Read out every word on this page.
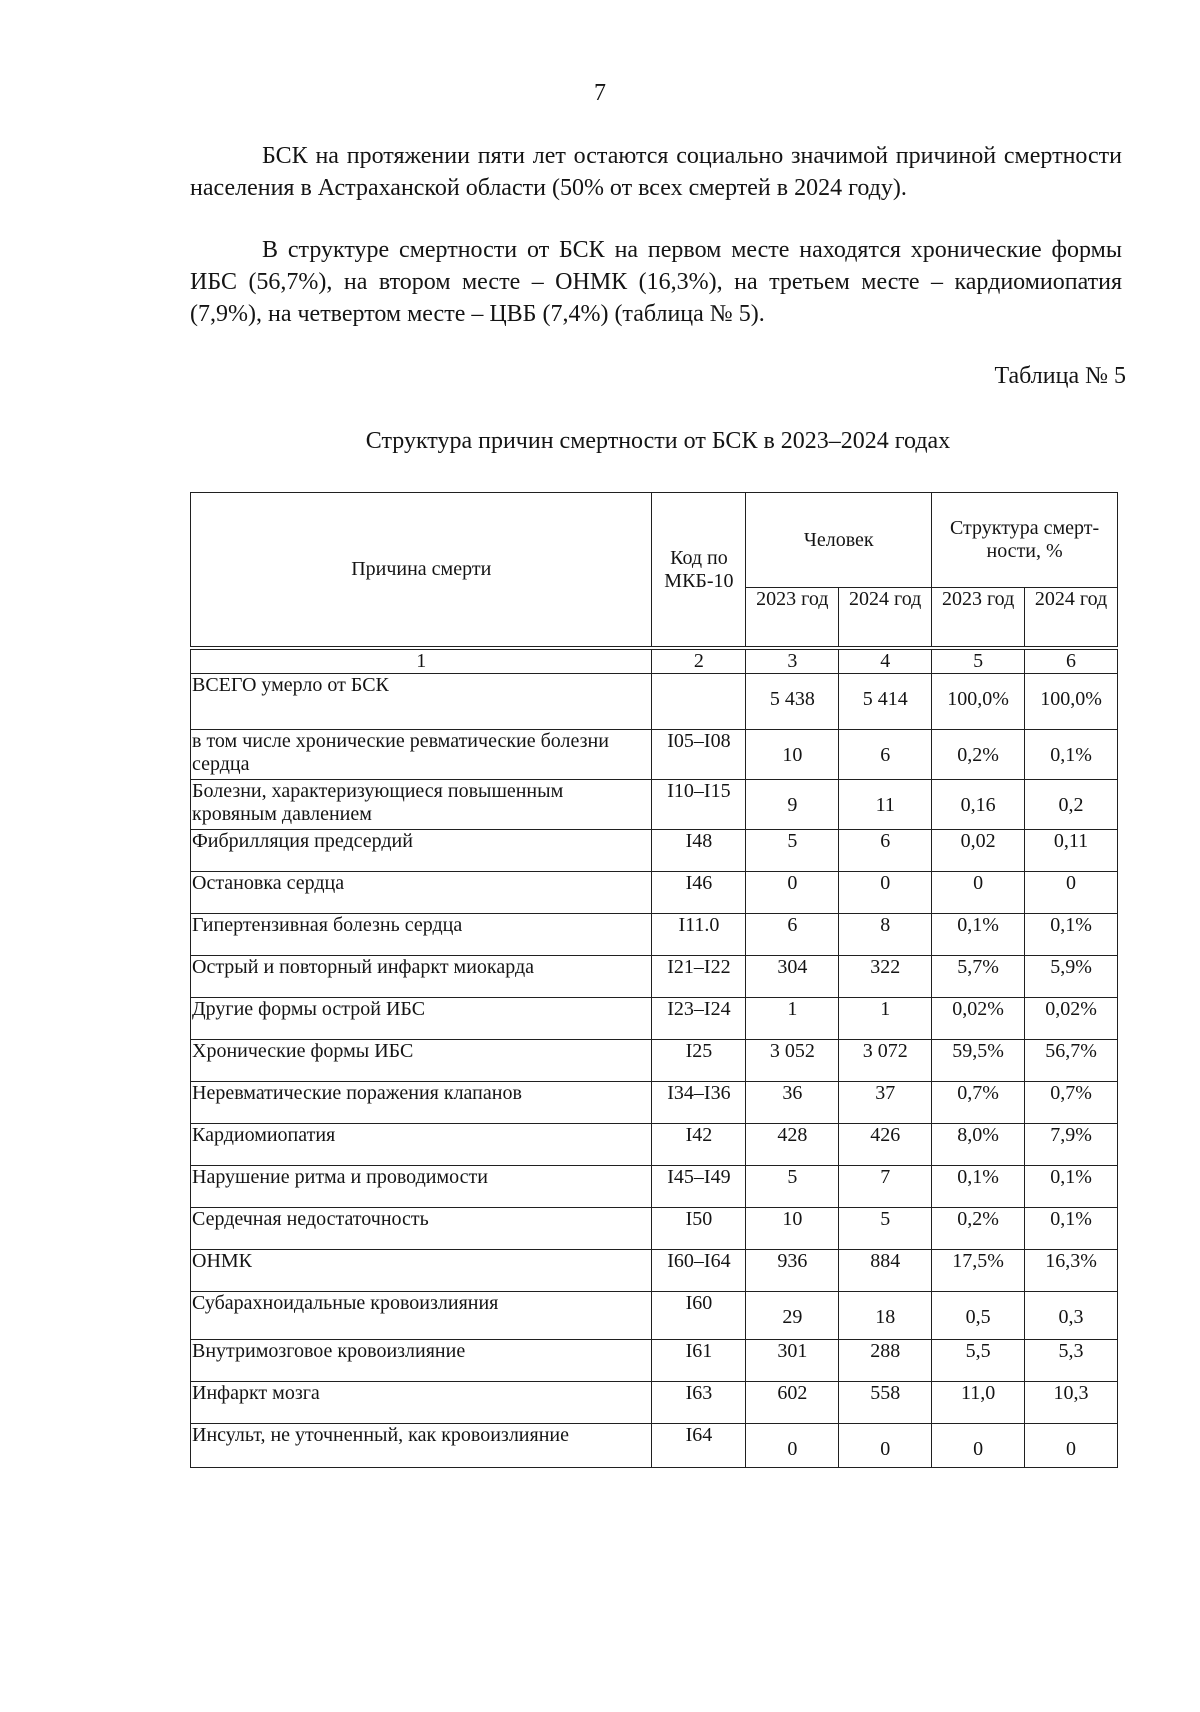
7
БСК на протяжении пяти лет остаются социально значимой причиной смертности населения в Астраханской области (50% от всех смертей в 2024 году).
В структуре смертности от БСК на первом месте находятся хронические формы ИБС (56,7%), на втором месте – ОНМК (16,3%), на третьем месте – кардиомиопатия (7,9%), на четвертом месте – ЦВБ (7,4%) (таблица № 5).
Таблица № 5
Структура причин смертности от БСК в 2023–2024 годах
Причина смерти	Код по МКБ-10	Человек		Структура смертности, %	
		2023 год	2024 год	2023 год	2024 год
1	2	3	4	5	6
ВСЕГО умерло от БСК		5 438	5 414	100,0%	100,0%
в том числе хронические ревматические болезни сердца	I05–I08	10	6	0,2%	0,1%
Болезни, характеризующиеся повышенным кровяным давлением	I10–I15	9	11	0,16	0,2
Фибрилляция предсердий	I48	5	6	0,02	0,11
Остановка сердца	I46	0	0	0	0
Гипертензивная болезнь сердца	I11.0	6	8	0,1%	0,1%
Острый и повторный инфаркт миокарда	I21–I22	304	322	5,7%	5,9%
Другие формы острой ИБС	I23–I24	1	1	0,02%	0,02%
Хронические формы ИБС	I25	3 052	3 072	59,5%	56,7%
Неревматические поражения клапанов	I34–I36	36	37	0,7%	0,7%
Кардиомиопатия	I42	428	426	8,0%	7,9%
Нарушение ритма и проводимости	I45–I49	5	7	0,1%	0,1%
Сердечная недостаточность	I50	10	5	0,2%	0,1%
ОНМК	I60–I64	936	884	17,5%	16,3%
Субарахноидальные кровоизлияния	I60	29	18	0,5	0,3
Внутримозговое кровоизлияние	I61	301	288	5,5	5,3
Инфаркт мозга	I63	602	558	11,0	10,3
Инсульт, не уточненный, как кровоизлияние	I64	0	0	0	0
